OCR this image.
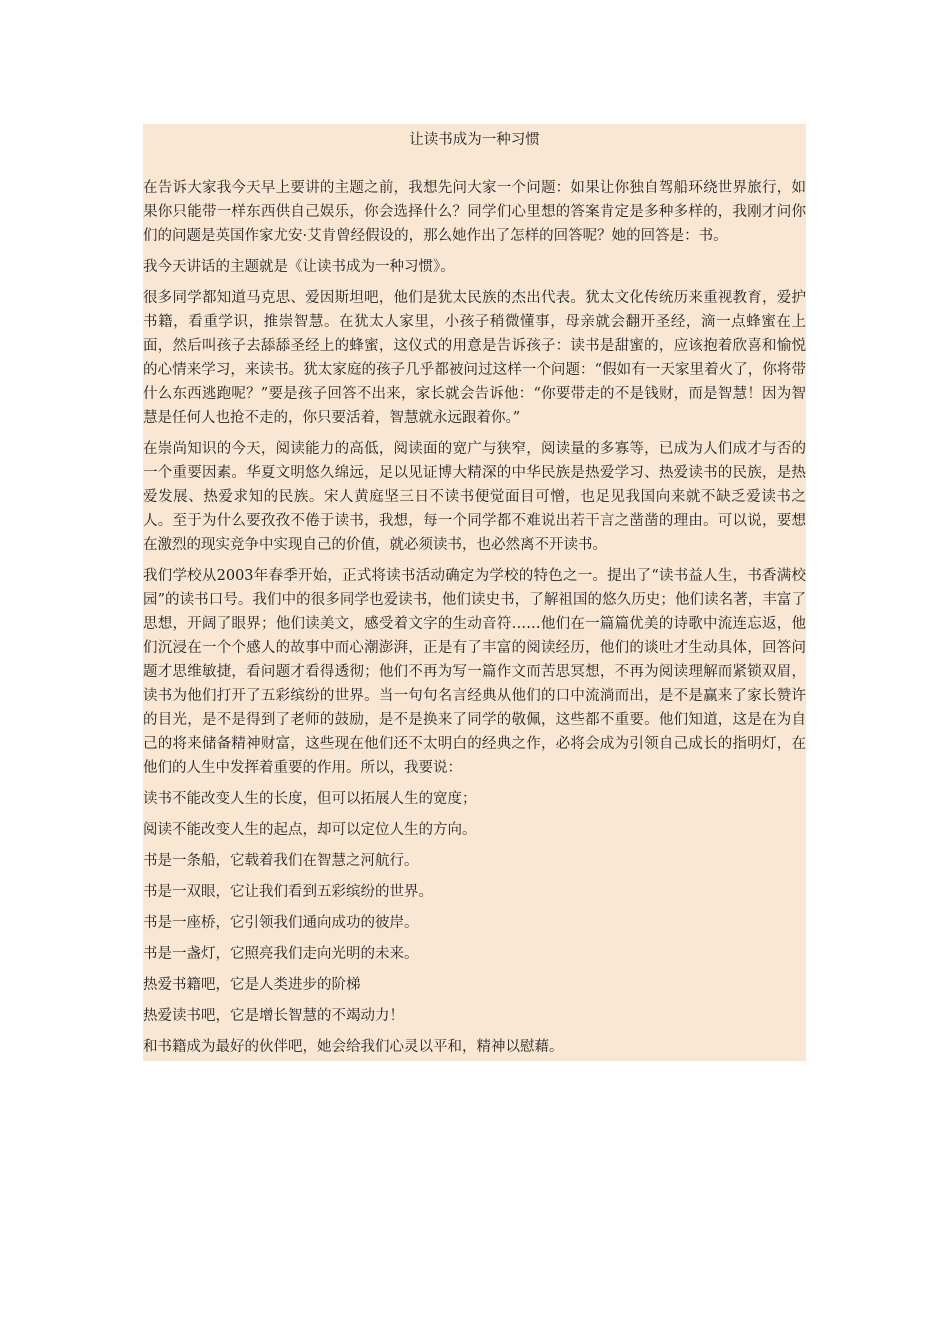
让读书成为一种习惯

在告诉大家我今天早上要讲的主题之前，我想先问大家一个问题：如果让你独自驾船环绕世界旅行，如果你只能带一样东西供自己娱乐，你会选择什么？同学们心里想的答案肯定是多种多样的，我刚才问你们的问题是英国作家尤安·艾肯曾经假设的，那么她作出了怎样的回答呢？她的回答是：书。

我今天讲话的主题就是《让读书成为一种习惯》。

很多同学都知道马克思、爱因斯坦吧，他们是犹太民族的杰出代表。犹太文化传统历来重视教育，爱护书籍，看重学识，推崇智慧。在犹太人家里，小孩子稍微懂事，母亲就会翻开圣经，滴一点蜂蜜在上面，然后叫孩子去舔舔圣经上的蜂蜜，这仪式的用意是告诉孩子：读书是甜蜜的，应该抱着欣喜和愉悦的心情来学习，来读书。犹太家庭的孩子几乎都被问过这样一个问题：“假如有一天家里着火了，你将带什么东西逃跑呢？”要是孩子回答不出来，家长就会告诉他：“你要带走的不是钱财，而是智慧！因为智慧是任何人也抢不走的，你只要活着，智慧就永远跟着你。”

在崇尚知识的今天，阅读能力的高低，阅读面的宽广与狭窄，阅读量的多寡等，已成为人们成才与否的一个重要因素。华夏文明悠久绵远，足以见证博大精深的中华民族是热爱学习、热爱读书的民族，是热爱发展、热爱求知的民族。宋人黄庭坚三日不读书便觉面目可憎，也足见我国向来就不缺乏爱读书之人。至于为什么要孜孜不倦于读书，我想，每一个同学都不难说出若干言之凿凿的理由。可以说，要想在激烈的现实竞争中实现自己的价值，就必须读书，也必然离不开读书。

我们学校从2003年春季开始，正式将读书活动确定为学校的特色之一。提出了“读书益人生，书香满校园”的读书口号。我们中的很多同学也爱读书，他们读史书，了解祖国的悠久历史；他们读名著，丰富了思想，开阔了眼界；他们读美文，感受着文字的生动音符……他们在一篇篇优美的诗歌中流连忘返，他们沉浸在一个个感人的故事中而心潮澎湃，正是有了丰富的阅读经历，他们的谈吐才生动具体，回答问题才思维敏捷，看问题才看得透彻；他们不再为写一篇作文而苦思冥想，不再为阅读理解而紧锁双眉，读书为他们打开了五彩缤纷的世界。当一句句名言经典从他们的口中流淌而出，是不是赢来了家长赞许的目光，是不是得到了老师的鼓励，是不是换来了同学的敬佩，这些都不重要。他们知道，这是在为自己的将来储备精神财富，这些现在他们还不太明白的经典之作，必将会成为引领自己成长的指明灯，在他们的人生中发挥着重要的作用。所以，我要说：

读书不能改变人生的长度，但可以拓展人生的宽度；

阅读不能改变人生的起点，却可以定位人生的方向。

书是一条船，它载着我们在智慧之河航行。

书是一双眼，它让我们看到五彩缤纷的世界。

书是一座桥，它引领我们通向成功的彼岸。

书是一盏灯，它照亮我们走向光明的未来。

热爱书籍吧，它是人类进步的阶梯

热爱读书吧，它是增长智慧的不竭动力！

和书籍成为最好的伙伴吧，她会给我们心灵以平和，精神以慰藉。
